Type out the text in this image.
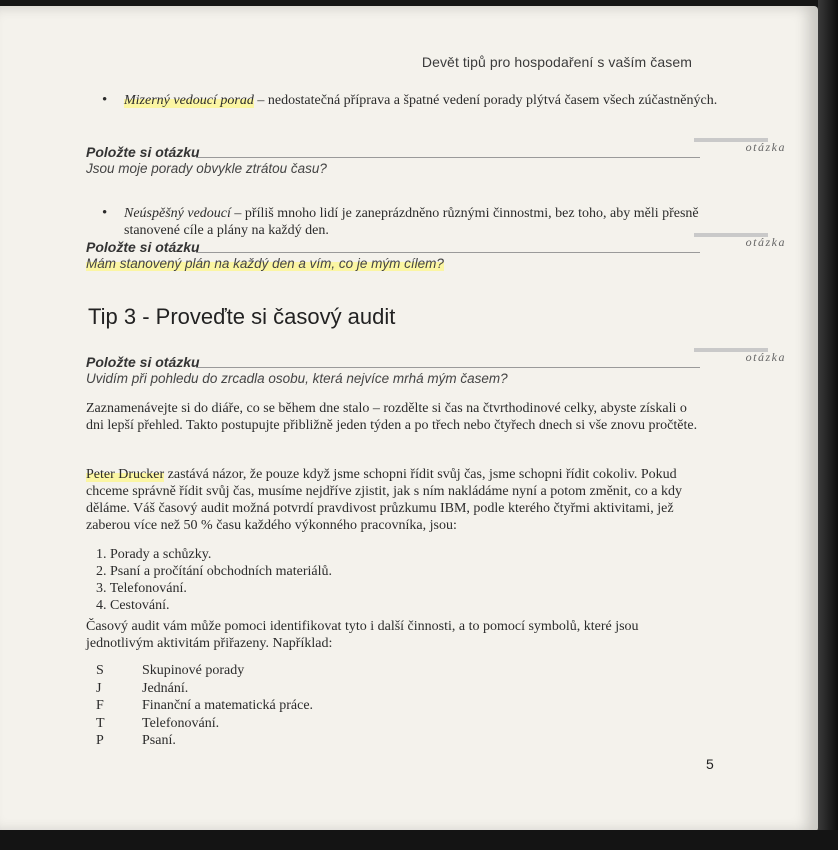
Devět tipů pro hospodaření s vaším časem
• Mizerný vedoucí porad – nedostatečná příprava a špatné vedení porady plýtvá časem všech zúčastněných.
Položte si otázku	otázka
Jsou moje porady obvykle ztrátou času?
• Neúspěšný vedoucí – příliš mnoho lidí je zaneprázdněno různými činnostmi, bez toho, aby měli přesně stanovené cíle a plány na každý den.
Položte si otázku	otázka
Mám stanovený plán na každý den a vím, co je mým cílem?
Tip 3 - Proveďte si časový audit
Položte si otázku	otázka
Uvidím při pohledu do zrcadla osobu, která nejvíce mrhá mým časem?

Zaznamenávejte si do diáře, co se během dne stalo – rozdělte si čas na čtvrthodinové celky, abyste získali o dni lepší přehled. Takto postupujte přibližně jeden týden a po třech nebo čtyřech dnech si vše znovu pročtěte.

Peter Drucker zastává názor, že pouze když jsme schopni řídit svůj čas, jsme schopni řídit cokoliv. Pokud chceme správně řídit svůj čas, musíme nejdříve zjistit, jak s ním nakládáme nyní a potom změnit, co a kdy děláme. Váš časový audit možná potvrdí pravdivost průzkumu IBM, podle kterého čtyřmi aktivitami, jež zaberou více než 50 % času každého výkonného pracovníka, jsou:

1. Porady a schůzky.
2. Psaní a pročítání obchodních materiálů.
3. Telefonování.
4. Cestování.

Časový audit vám může pomoci identifikovat tyto i další činnosti, a to pomocí symbolů, které jsou jednotlivým aktivitám přiřazeny. Například:

S	Skupinové porady
J	Jednání.
F	Finanční a matematická práce.
T	Telefonování.
P	Psaní.
5
